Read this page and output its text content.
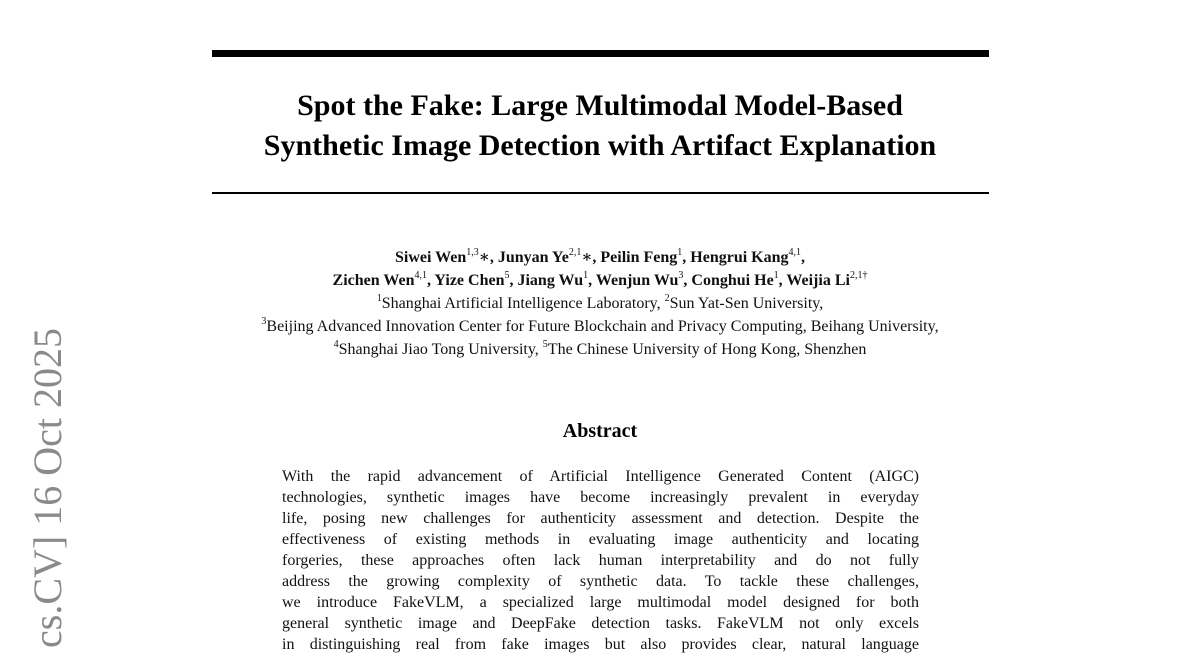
Spot the Fake: Large Multimodal Model-Based
Synthetic Image Detection with Artifact Explanation
Siwei Wen$^{1,3}$∗, Junyan Ye$^{2,1}$∗, Peilin Feng$^1$, Hengrui Kang$^{4,1}$,
Zichen Wen$^{4,1}$, Yize Chen$^5$, Jiang Wu$^1$, Wenjun Wu$^3$, Conghui He$^1$, Weijia $Li^{2,1\dagger}$
$^1$Shanghai Artificial Intelligence Laboratory, $^2$Sun Yat-Sen University,
$^3$Beijing Advanced Innovation Center for Future Blockchain and Privacy Computing, Beihang University,
$^4$Shanghai Jiao Tong University, $^5$The Chinese University of Hong Kong, Shenzhen
Abstract
With the rapid advancement of Artificial Intelligence Generated Content (AIGC)
technologies, synthetic images have become increasingly prevalent in everyday
life, posing new challenges for authenticity assessment and detection. Despite the
effectiveness of existing methods in evaluating image authenticity and locating
forgeries, these approaches often lack human interpretability and do not fully
address the growing complexity of synthetic data. To tackle these challenges,
we introduce FakeVLM, a specialized large multimodal model designed for both
general synthetic image and DeepFake detection tasks. FakeVLM not only excels
in distinguishing real from fake images but also provides clear, natural language
cs.CV] 16 Oct 2025
